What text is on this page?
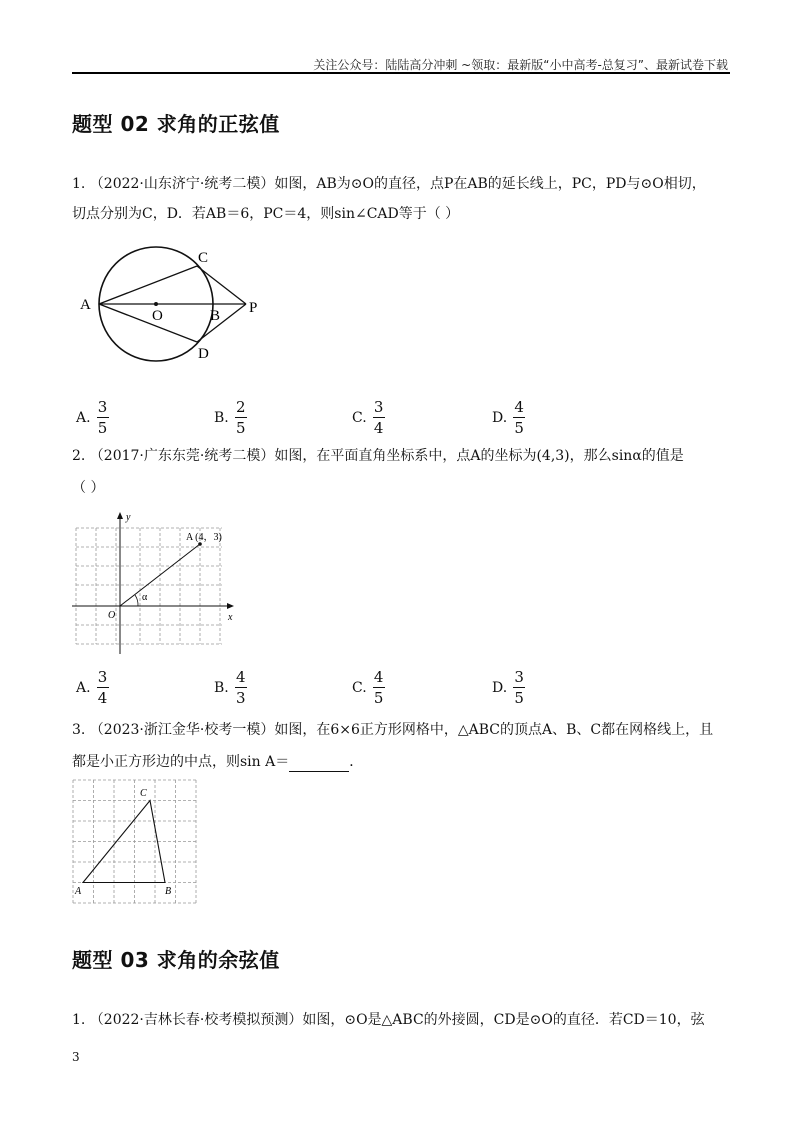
关注公众号：陆陆高分冲刺 ~领取：最新版“小中高考-总复习”、最新试卷下载
题型 02 求角的正弦值
1. （2022·山东济宁·统考二模）如图，AB为⊙O的直径，点P在AB的延长线上，PC，PD与⊙O相切，
切点分别为C，D．若AB＝6，PC＝4，则sin∠CAD等于（ ）
A
O	B P
C
D
A. $\frac{3}{5}$	B. $\frac{2}{5}$	C. $\frac{3}{4}$	D. $\frac{4}{5}$
2. （2017·广东东莞·统考二模）如图，在平面直角坐标系中，点A的坐标为(4,3)，那么sinα的值是
（ ）
y
x
O
α
A (4，3)
A. $\frac{3}{4}$	B. $\frac{4}{3}$	C. $\frac{4}{5}$	D. $\frac{3}{5}$
3. （2023·浙江金华·校考一模）如图，在6×6正方形网格中，△ABC的顶点A、B、C都在网格线上，且
都是小正方形边的中点，则sin A＝	．
A	B
C
题型 03 求角的余弦值
1. （2022·吉林长春·校考模拟预测）如图，⊙O是△ABC的外接圆，CD是⊙O的直径．若CD＝10，弦
3
